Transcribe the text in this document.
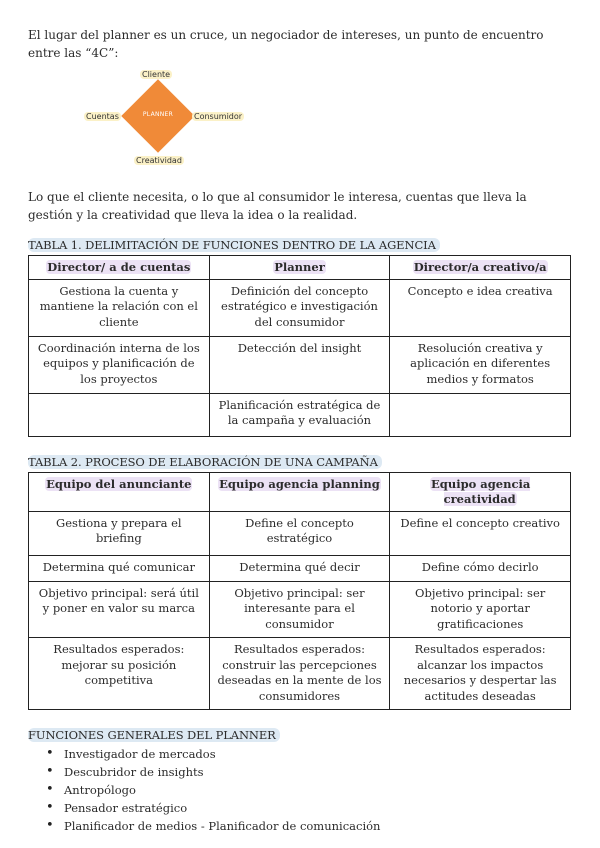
El lugar del planner es un cruce, un negociador de intereses, un punto de encuentro entre las “4C”:

PLANNER
Cliente
Cuentas	Consumidor
Creatividad

Lo que el cliente necesita, o lo que al consumidor le interesa, cuentas que lleva la gestión y la creatividad que lleva la idea o la realidad.

TABLA 1. DELIMITACIÓN DE FUNCIONES DENTRO DE LA AGENCIA
Director/ a de cuentas	Planner	Director/a creativo/a
Gestiona la cuenta y mantiene la relación con el cliente	Definición del concepto estratégico e investigación del consumidor	Concepto e idea creativa
Coordinación interna de los equipos y planificación de los proyectos	Detección del insight	Resolución creativa y aplicación en diferentes medios y formatos
	Planificación estratégica de la campaña y evaluación	
TABLA 2. PROCESO DE ELABORACIÓN DE UNA CAMPAÑA
Equipo del anunciante	Equipo agencia planning	Equipo agencia creatividad
Gestiona y prepara el briefing	Define el concepto estratégico	Define el concepto creativo
Determina qué comunicar	Determina qué decir	Define cómo decirlo
Objetivo principal: será útil y poner en valor su marca	Objetivo principal: ser interesante para el consumidor	Objetivo principal: ser notorio y aportar gratificaciones
Resultados esperados: mejorar su posición competitiva	Resultados esperados: construir las percepciones deseadas en la mente de los consumidores	Resultados esperados: alcanzar los impactos necesarios y despertar las actitudes deseadas
FUNCIONES GENERALES DEL PLANNER
• Investigador de mercados
• Descubridor de insights
• Antropólogo
• Pensador estratégico
• Planificador de medios - Planificador de comunicación
